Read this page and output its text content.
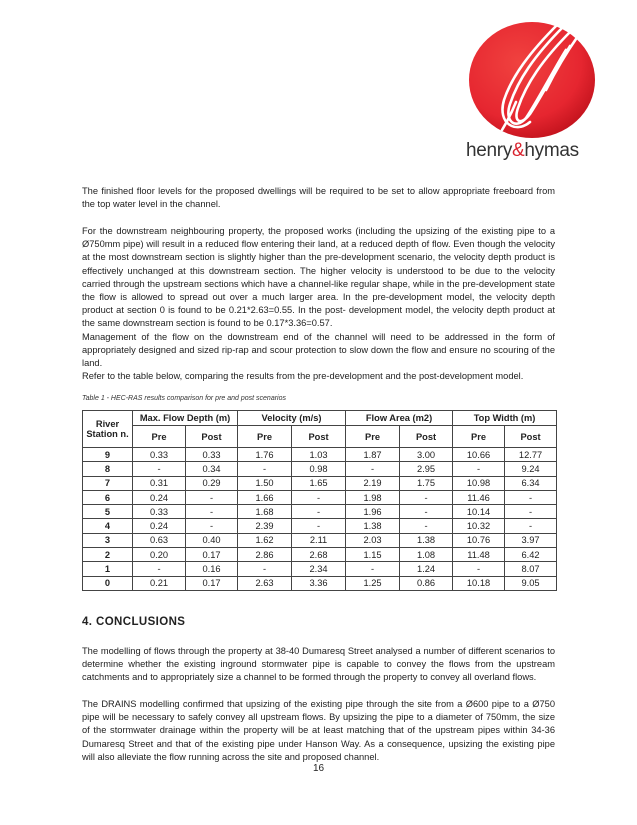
henry&hymas

The finished floor levels for the proposed dwellings will be required to be set to allow appropriate freeboard from the top water level in the channel.

For the downstream neighbouring property, the proposed works (including the upsizing of the existing pipe to a Ø750mm pipe) will result in a reduced flow entering their land, at a reduced depth of flow. Even though the velocity at the most downstream section is slightly higher than the pre-development scenario, the velocity depth product is effectively unchanged at this downstream section. The higher velocity is understood to be due to the velocity carried through the upstream sections which have a channel-like regular shape, while in the pre-development state the flow is allowed to spread out over a much larger area. In the pre-development model, the velocity depth product at section 0 is found to be 0.21*2.63=0.55. In the post- development model, the velocity depth product at the same downstream section is found to be 0.17*3.36=0.57.

Management of the flow on the downstream end of the channel will need to be addressed in the form of appropriately designed and sized rip-rap and scour protection to slow down the flow and ensure no scouring of the land.

Refer to the table below, comparing the results from the pre-development and the post-development model.

Table 1 - HEC-RAS results comparison for pre and post scenarios

River Station n.	Max. Flow Depth (m)		Velocity (m/s)		Flow Area (m2)		Top Width (m)	
	Pre	Post	Pre	Post	Pre	Post	Pre	Post
9	0.33	0.33	1.76	1.03	1.87	3.00	10.66	12.77
8	-	0.34	-	0.98	-	2.95	-	9.24
7	0.31	0.29	1.50	1.65	2.19	1.75	10.98	6.34
6	0.24	-	1.66	-	1.98	-	11.46	-
5	0.33	-	1.68	-	1.96	-	10.14	-
4	0.24	-	2.39	-	1.38	-	10.32	-
3	0.63	0.40	1.62	2.11	2.03	1.38	10.76	3.97
2	0.20	0.17	2.86	2.68	1.15	1.08	11.48	6.42
1	-	0.16	-	2.34	-	1.24	-	8.07
0	0.21	0.17	2.63	3.36	1.25	0.86	10.18	9.05
4. CONCLUSIONS

The modelling of flows through the property at 38-40 Dumaresq Street analysed a number of different scenarios to determine whether the existing inground stormwater pipe is capable to convey the flows from the upstream catchments and to appropriately size a channel to be formed through the property to convey all overland flows.

The DRAINS modelling confirmed that upsizing of the existing pipe through the site from a Ø600 pipe to a Ø750 pipe will be necessary to safely convey all upstream flows. By upsizing the pipe to a diameter of 750mm, the size of the stormwater drainage within the property will be at least matching that of the upstream pipes within 34-36 Dumaresq Street and that of the existing pipe under Hanson Way. As a consequence, upsizing the existing pipe will also alleviate the flow running across the site and proposed channel.

16
